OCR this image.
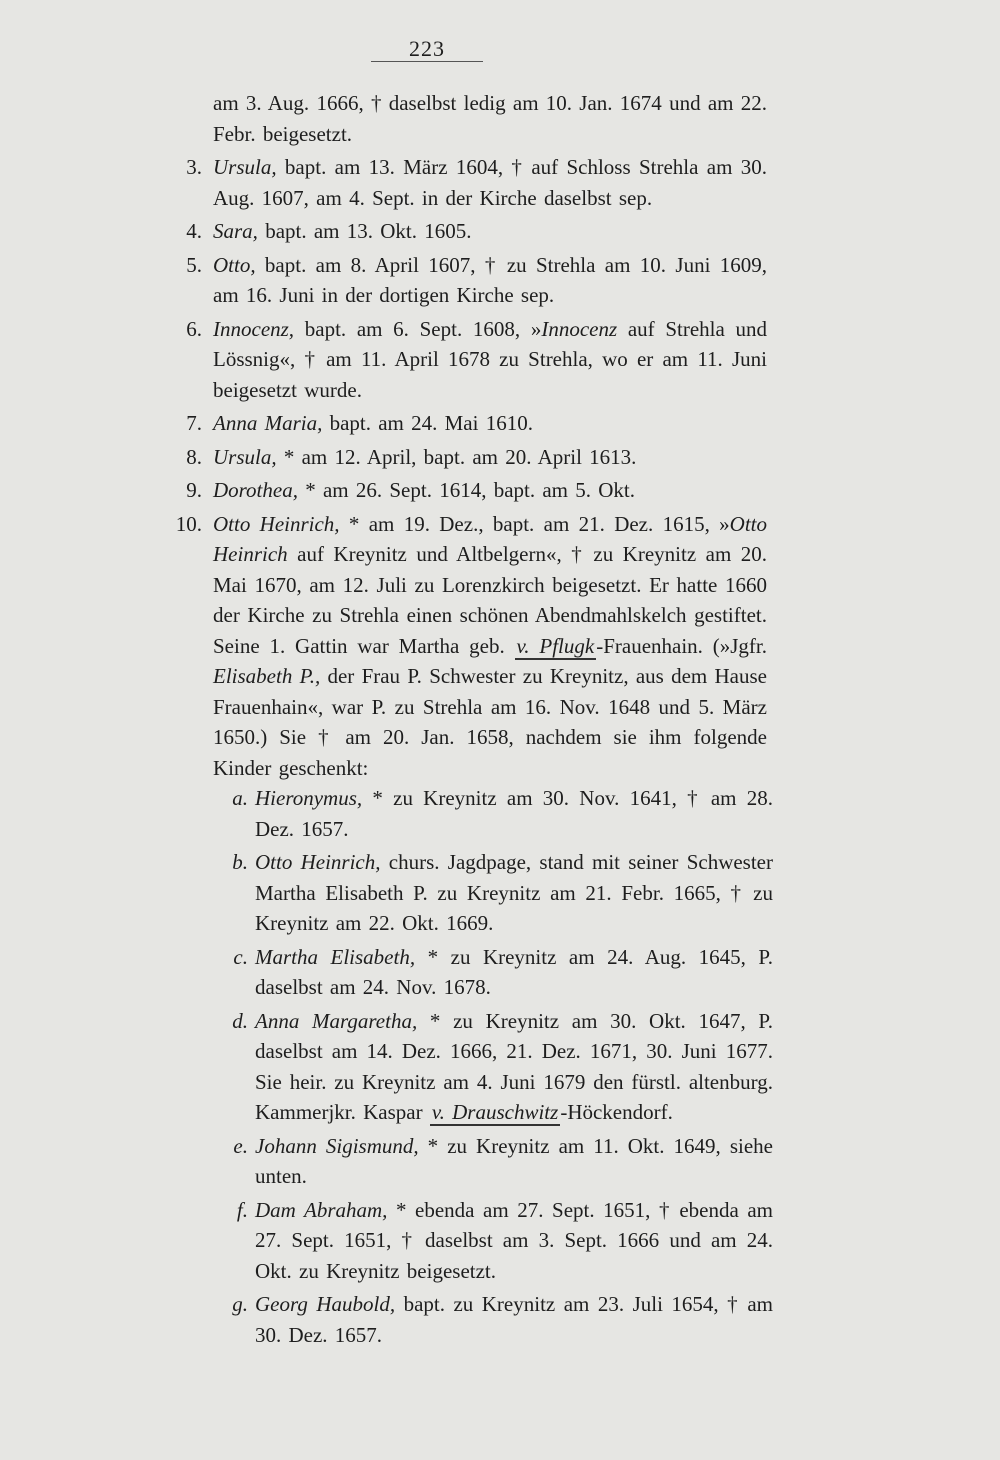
223
am 3. Aug. 1666, † daselbst ledig am 10. Jan. 1674 und am 22. Febr. beigesetzt.
3. Ursula, bapt. am 13. März 1604, † auf Schloss Strehla am 30. Aug. 1607, am 4. Sept. in der Kirche daselbst sep.
4. Sara, bapt. am 13. Okt. 1605.
5. Otto, bapt. am 8. April 1607, † zu Strehla am 10. Juni 1609, am 16. Juni in der dortigen Kirche sep.
6. Innocenz, bapt. am 6. Sept. 1608, »Innocenz auf Strehla und Lössnig«, † am 11. April 1678 zu Strehla, wo er am 11. Juni beigesetzt wurde.
7. Anna Maria, bapt. am 24. Mai 1610.
8. Ursula, * am 12. April, bapt. am 20. April 1613.
9. Dorothea, * am 26. Sept. 1614, bapt. am 5. Okt.
10. Otto Heinrich, * am 19. Dez., bapt. am 21. Dez. 1615, »Otto Heinrich auf Kreynitz und Altbelgern«, † zu Kreynitz am 20. Mai 1670, am 12. Juli zu Lorenzkirch beigesetzt. Er hatte 1660 der Kirche zu Strehla einen schönen Abendmahlskelch gestiftet. Seine 1. Gattin war Martha geb. v. Pflugk-Frauenhain. (»Jgfr. Elisabeth P., der Frau P. Schwester zu Kreynitz, aus dem Hause Frauenhain«, war P. zu Strehla am 16. Nov. 1648 und 5. März 1650.) Sie † am 20. Jan. 1658, nachdem sie ihm folgende Kinder geschenkt:
a. Hieronymus, * zu Kreynitz am 30. Nov. 1641, † am 28. Dez. 1657.
b. Otto Heinrich, churs. Jagdpage, stand mit seiner Schwester Martha Elisabeth P. zu Kreynitz am 21. Febr. 1665, † zu Kreynitz am 22. Okt. 1669.
c. Martha Elisabeth, * zu Kreynitz am 24. Aug. 1645, P. daselbst am 24. Nov. 1678.
d. Anna Margaretha, * zu Kreynitz am 30. Okt. 1647, P. daselbst am 14. Dez. 1666, 21. Dez. 1671, 30. Juni 1677. Sie heir. zu Kreynitz am 4. Juni 1679 den fürstl. altenburg. Kammerjkr. Kaspar v. Drauschwitz-Höckendorf.
e. Johann Sigismund, * zu Kreynitz am 11. Okt. 1649, siehe unten.
f. Dam Abraham, * ebenda am 27. Sept. 1651, † ebenda am 27. Sept. 1651, † daselbst am 3. Sept. 1666 und am 24. Okt. zu Kreynitz beigesetzt.
g. Georg Haubold, bapt. zu Kreynitz am 23. Juli 1654, † am 30. Dez. 1657.
